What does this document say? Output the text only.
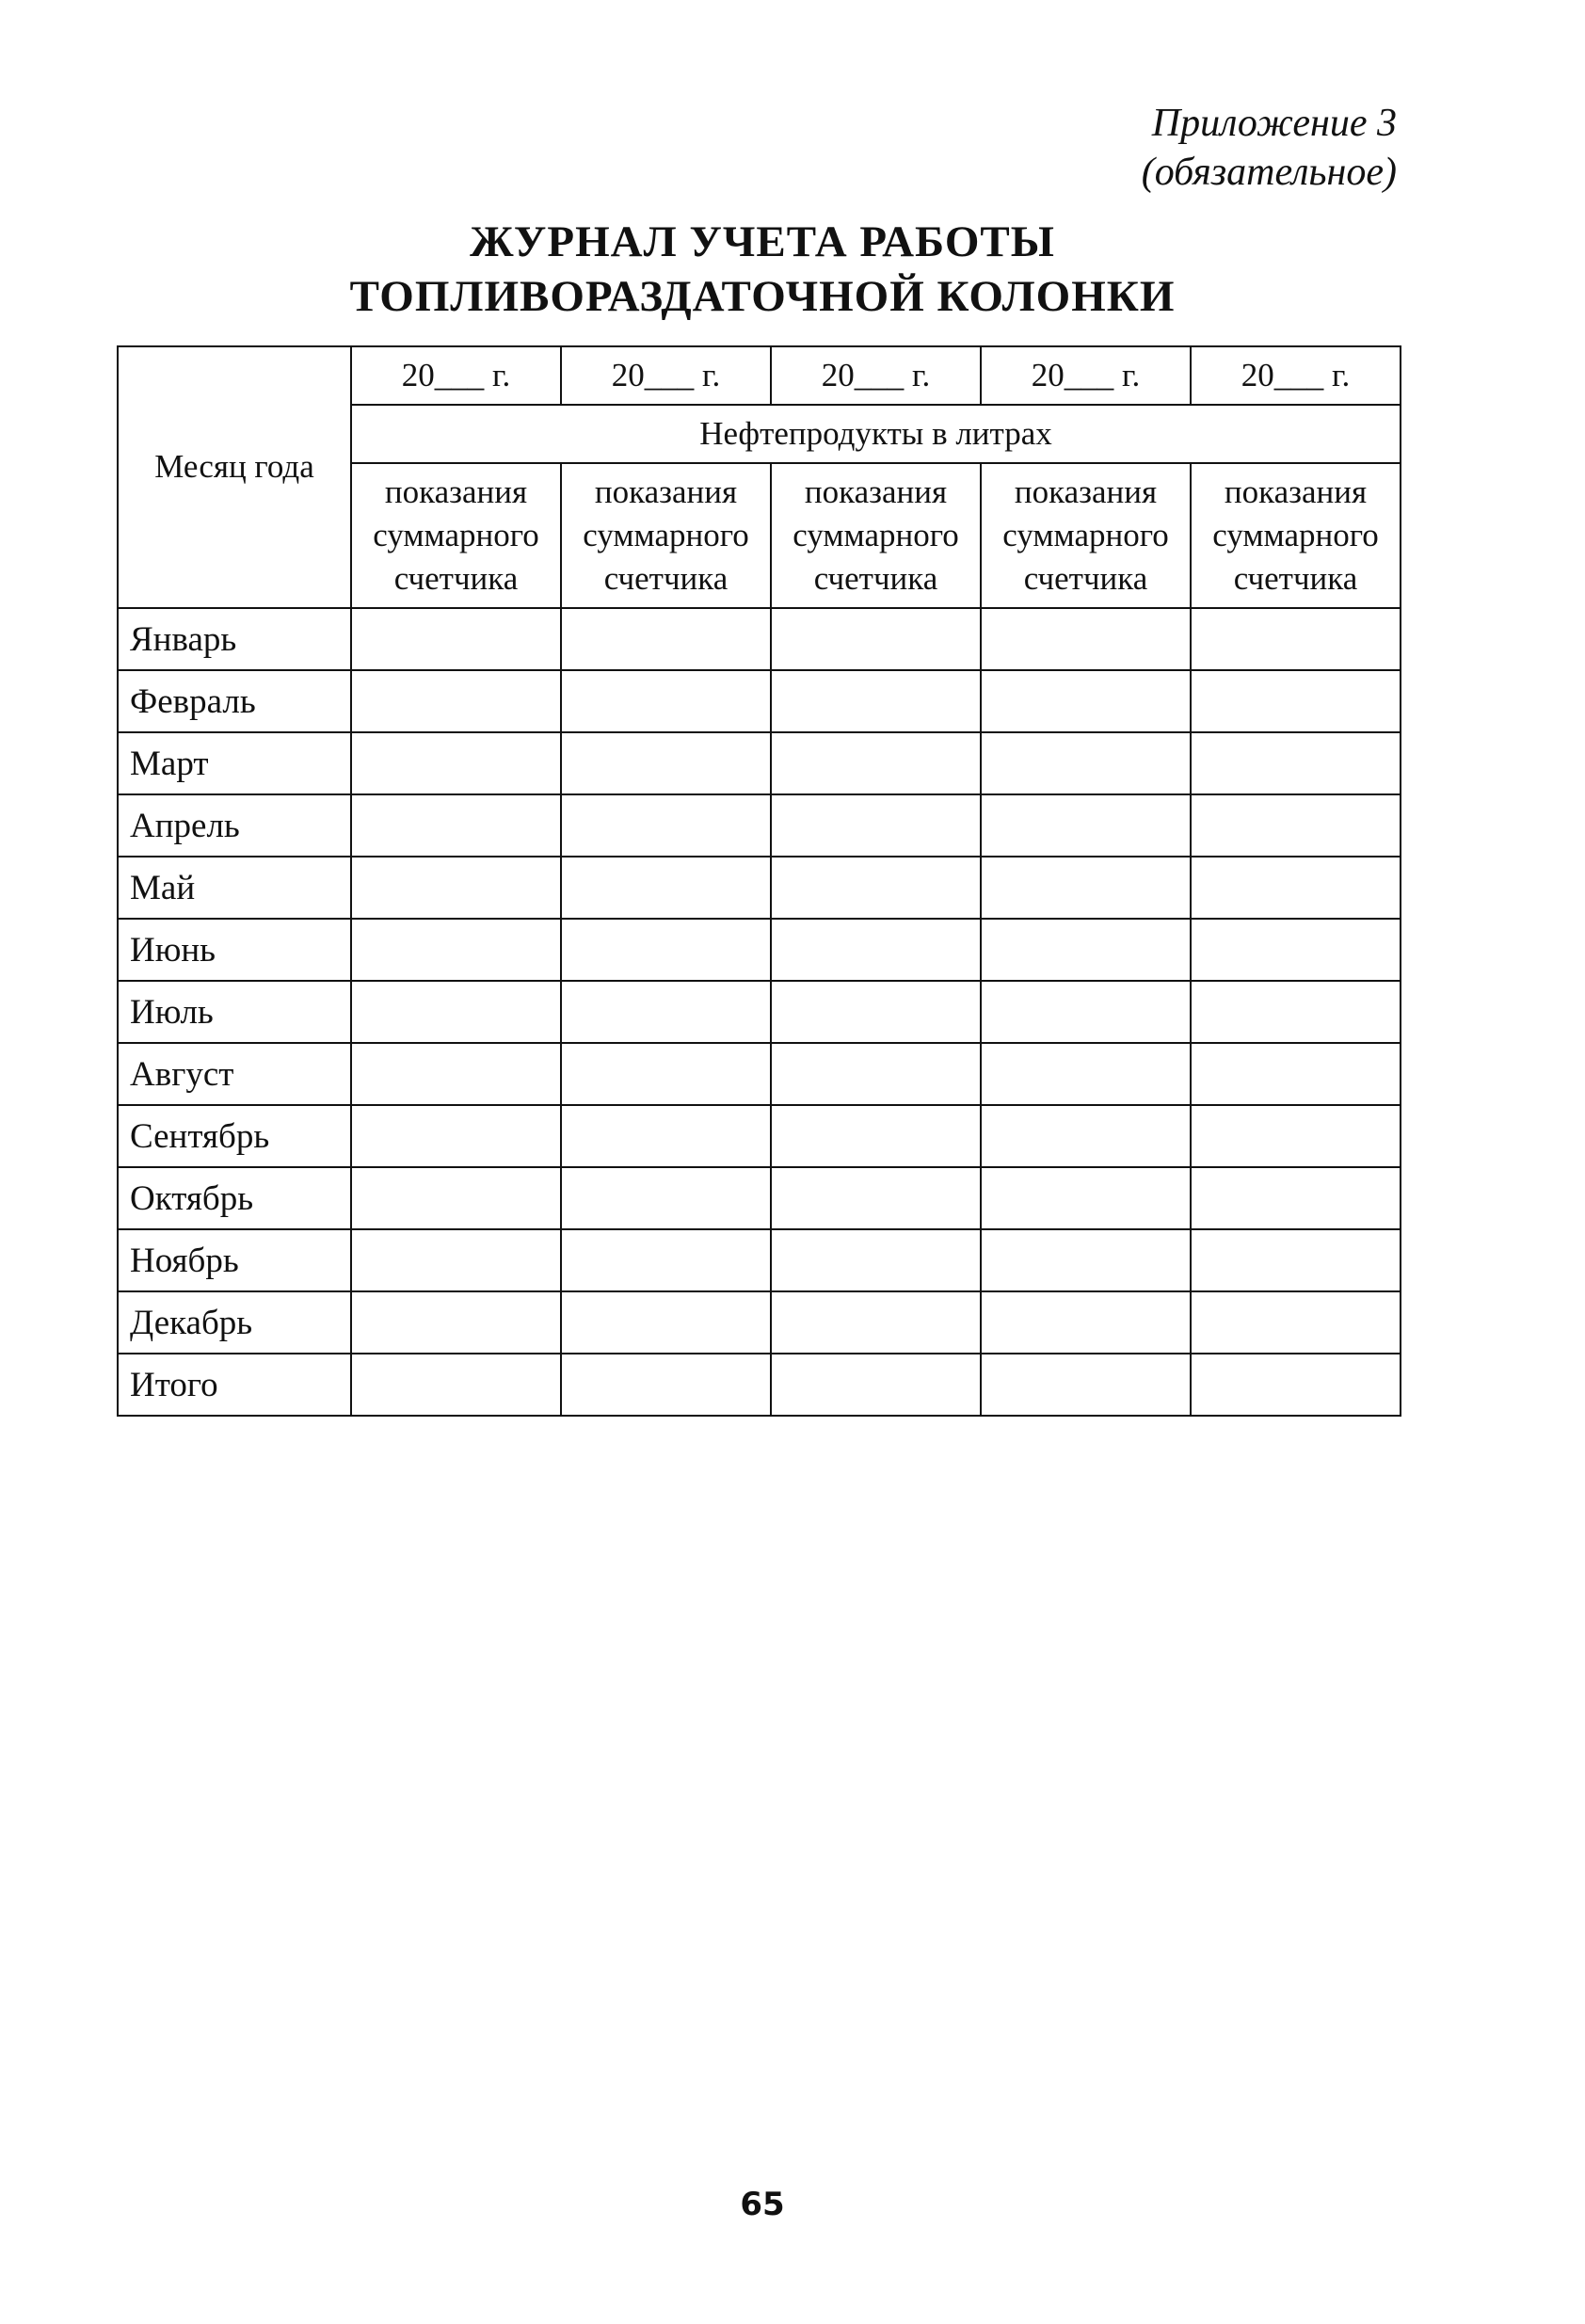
Приложение 3
(обязательное)
ЖУРНАЛ УЧЕТА РАБОТЫ
ТОПЛИВОРАЗДАТОЧНОЙ КОЛОНКИ
Месяц года	20___ г.	20___ г.	20___ г.	20___ г.	20___ г.
	Нефтепродукты в литрах				

	показания
суммарного
счетчика	показания
суммарного
счетчика	показания
суммарного
счетчика	показания
суммарного
счетчика	показания
суммарного
счетчика

Январь					
Февраль					
Март					
Апрель					
Май					
Июнь					
Июль					
Август					
Сентябрь					
Октябрь					
Ноябрь					
Декабрь					
Итого					
65
